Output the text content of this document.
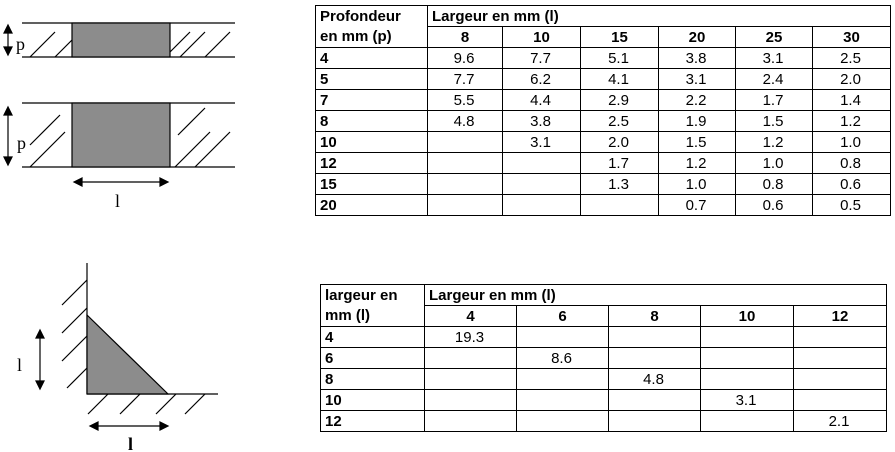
p
p
l
l
l
Profondeur	Largeur en mm (l)					
en mm (p)	8	10	15	20	25	30
4	9.6	7.7	5.1	3.8	3.1	2.5
5	7.7	6.2	4.1	3.1	2.4	2.0
7	5.5	4.4	2.9	2.2	1.7	1.4
8	4.8	3.8	2.5	1.9	1.5	1.2
10		3.1	2.0	1.5	1.2	1.0
12			1.7	1.2	1.0	0.8
15			1.3	1.0	0.8	0.6
20				0.7	0.6	0.5
largeur en	Largeur en mm (l)				
mm (l)	4	6	8	10	12
4	19.3				
6		8.6			
8			4.8		
10				3.1	
12					2.1
